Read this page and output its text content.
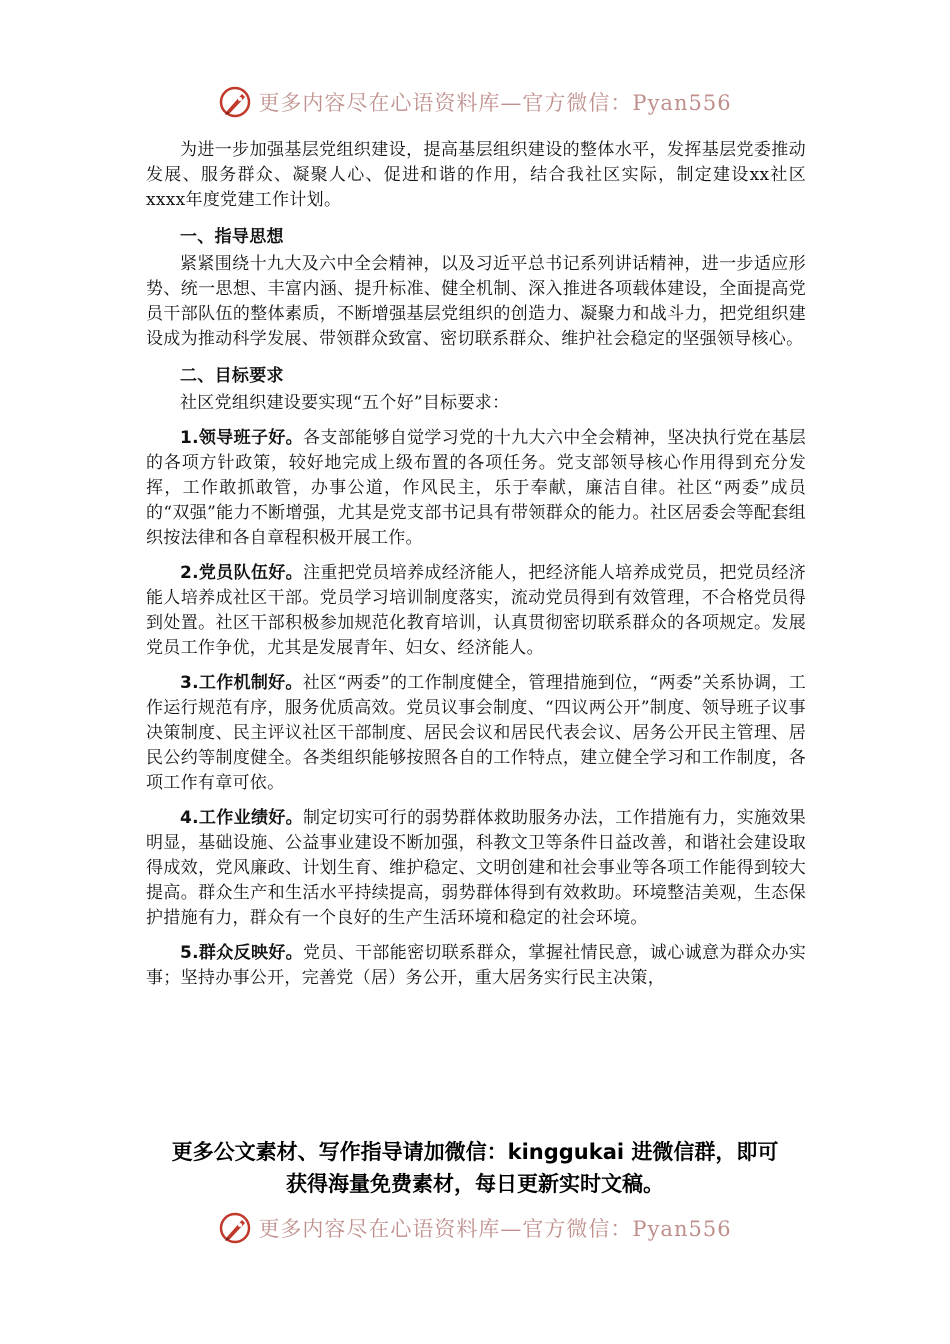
更多内容尽在心语资料库—官方微信：Pyan556

为进一步加强基层党组织建设，提高基层组织建设的整体水平，发挥基层党委推动发展、服务群众、凝聚人心、促进和谐的作用，结合我社区实际，制定建设xx社区xxxx年度党建工作计划。

一、指导思想

紧紧围绕十九大及六中全会精神，以及习近平总书记系列讲话精神，进一步适应形势、统一思想、丰富内涵、提升标准、健全机制、深入推进各项载体建设，全面提高党员干部队伍的整体素质，不断增强基层党组织的创造力、凝聚力和战斗力，把党组织建设成为推动科学发展、带领群众致富、密切联系群众、维护社会稳定的坚强领导核心。

二、目标要求

社区党组织建设要实现“五个好”目标要求：

1.领导班子好。各支部能够自觉学习党的十九大六中全会精神，坚决执行党在基层的各项方针政策，较好地完成上级布置的各项任务。党支部领导核心作用得到充分发挥，工作敢抓敢管，办事公道，作风民主，乐于奉献，廉洁自律。社区“两委”成员的“双强”能力不断增强，尤其是党支部书记具有带领群众的能力。社区居委会等配套组织按法律和各自章程积极开展工作。

2.党员队伍好。注重把党员培养成经济能人，把经济能人培养成党员，把党员经济能人培养成社区干部。党员学习培训制度落实，流动党员得到有效管理，不合格党员得到处置。社区干部积极参加规范化教育培训，认真贯彻密切联系群众的各项规定。发展党员工作争优，尤其是发展青年、妇女、经济能人。

3.工作机制好。社区“两委”的工作制度健全，管理措施到位，“两委”关系协调，工作运行规范有序，服务优质高效。党员议事会制度、“四议两公开”制度、领导班子议事决策制度、民主评议社区干部制度、居民会议和居民代表会议、居务公开民主管理、居民公约等制度健全。各类组织能够按照各自的工作特点，建立健全学习和工作制度，各项工作有章可依。

4.工作业绩好。制定切实可行的弱势群体救助服务办法，工作措施有力，实施效果明显，基础设施、公益事业建设不断加强，科教文卫等条件日益改善，和谐社会建设取得成效，党风廉政、计划生育、维护稳定、文明创建和社会事业等各项工作能得到较大提高。群众生产和生活水平持续提高，弱势群体得到有效救助。环境整洁美观，生态保护措施有力，群众有一个良好的生产生活环境和稳定的社会环境。

5.群众反映好。党员、干部能密切联系群众，掌握社情民意，诚心诚意为群众办实事；坚持办事公开，完善党（居）务公开，重大居务实行民主决策，

更多公文素材、写作指导请加微信：kinggukai 进微信群，即可
获得海量免费素材，每日更新实时文稿。
更多内容尽在心语资料库—官方微信：Pyan556
